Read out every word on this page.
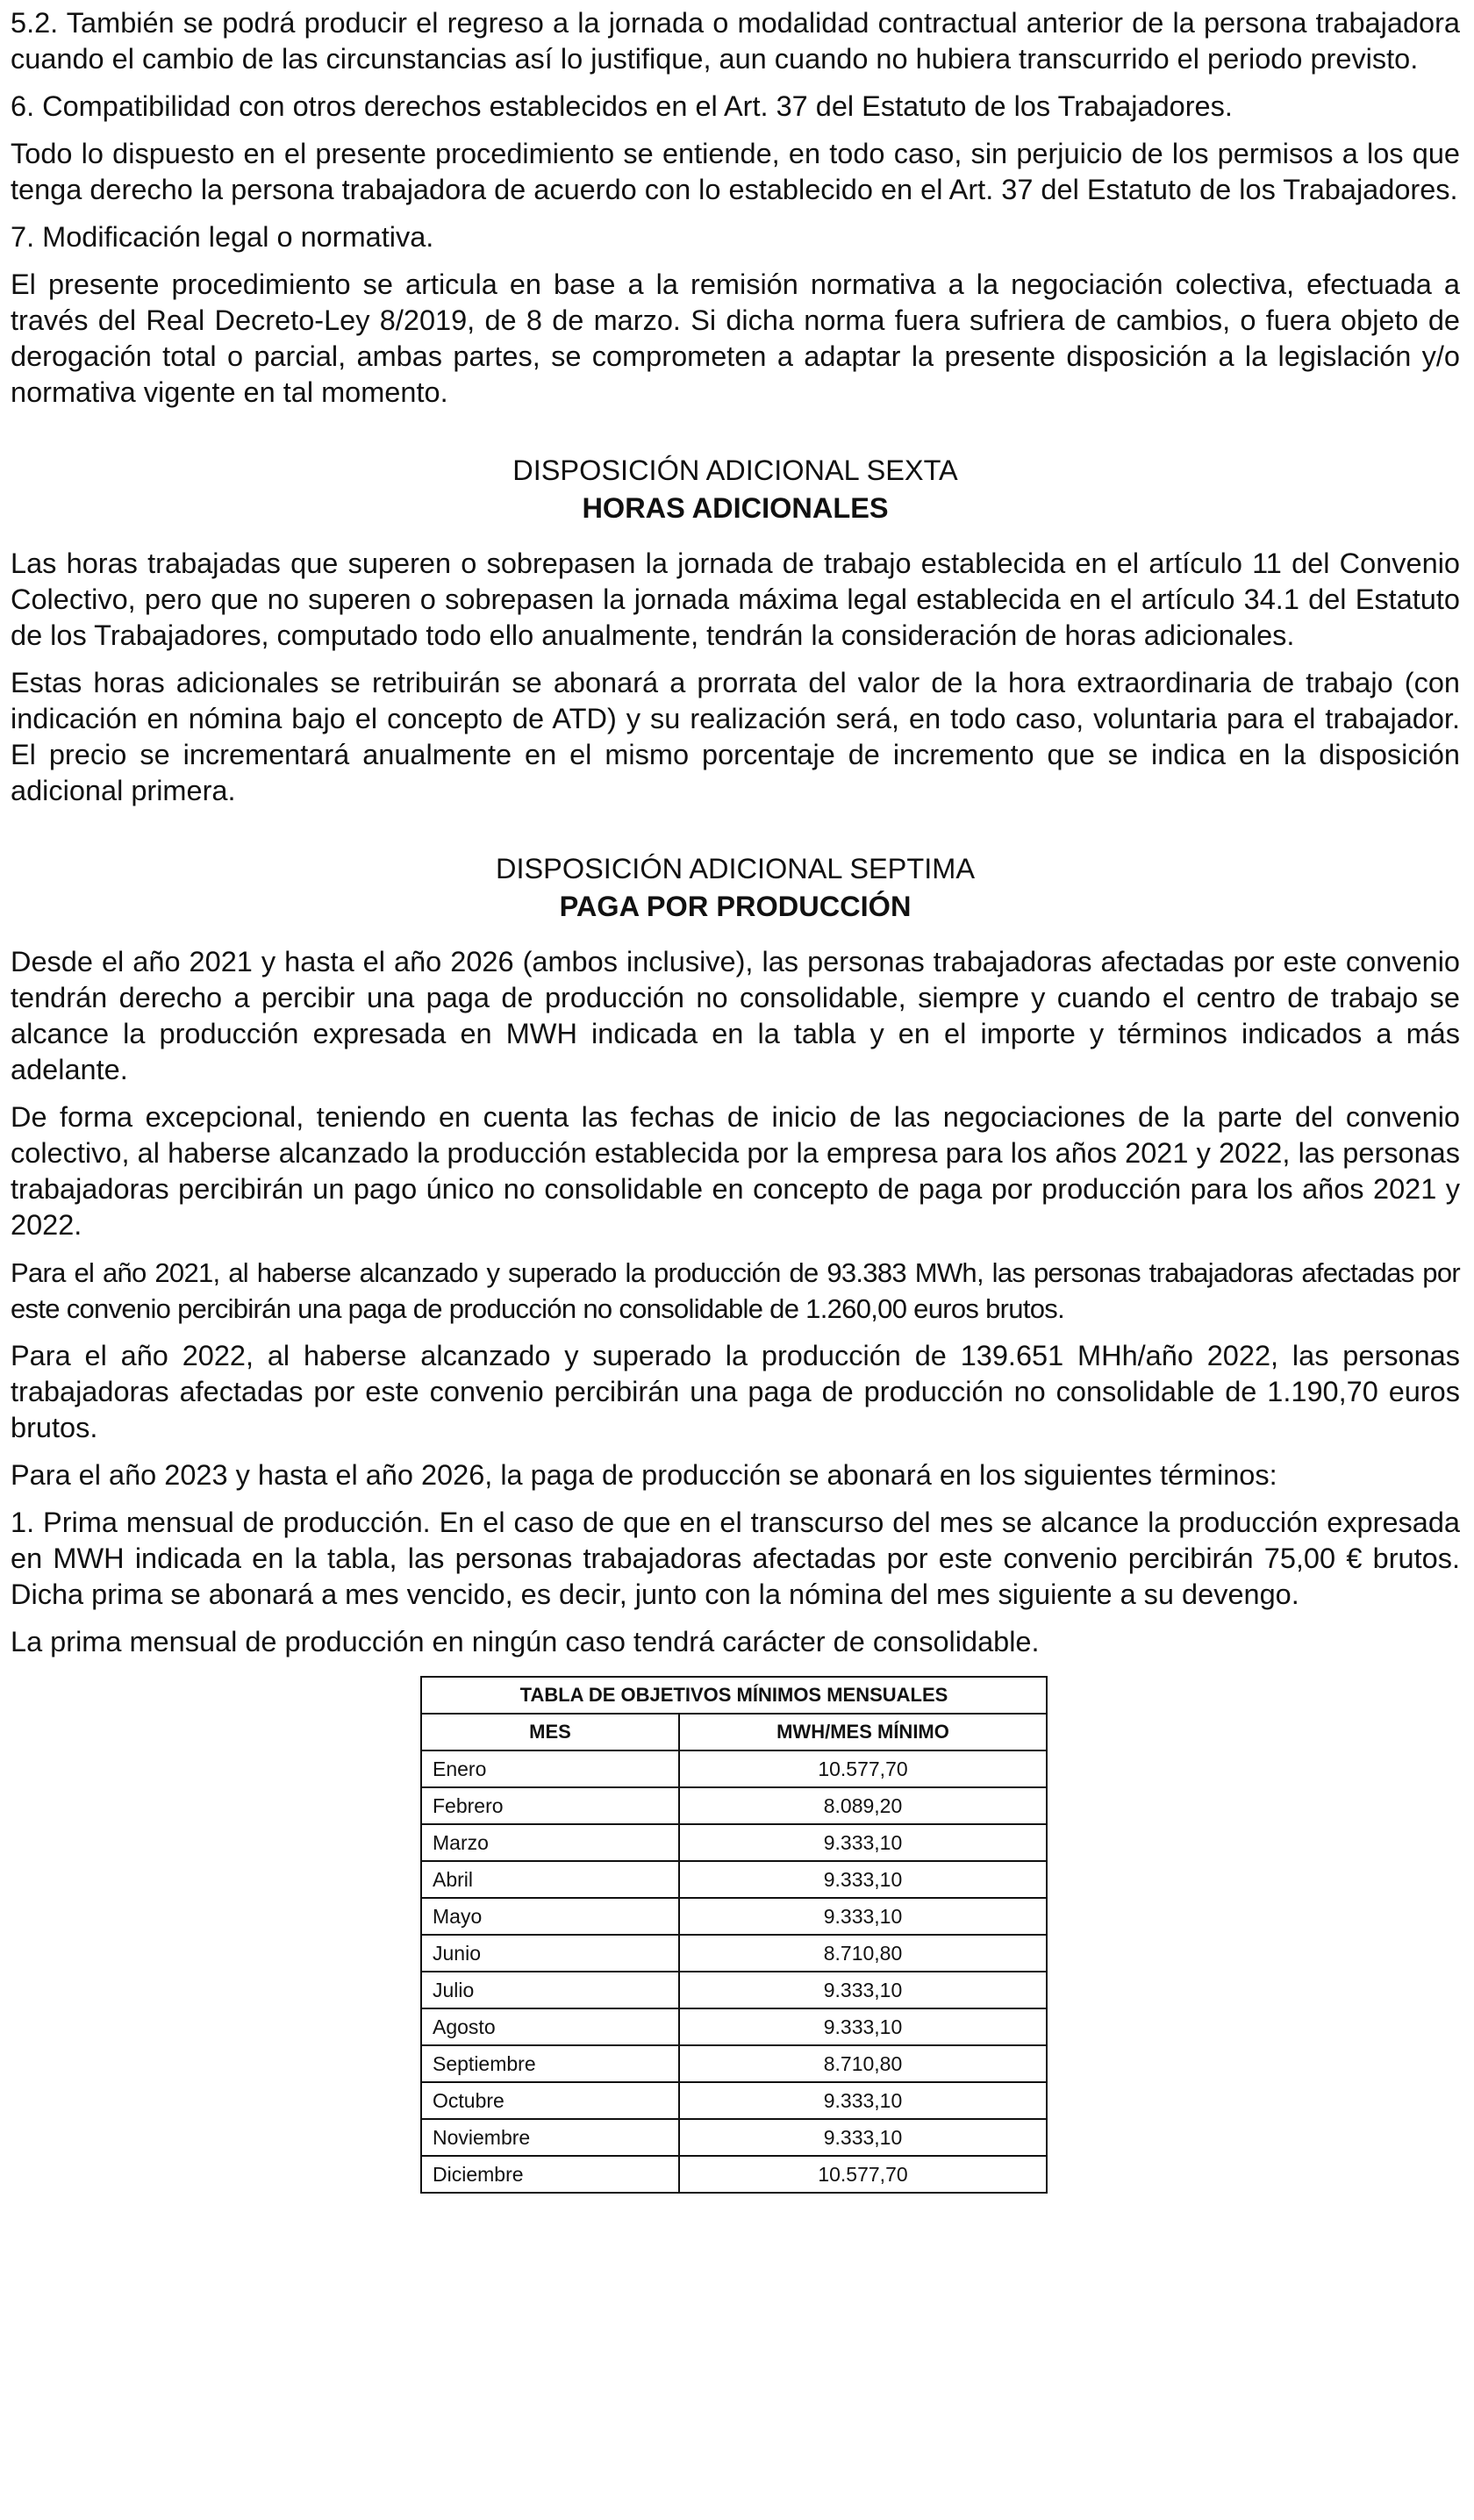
5.2. También se podrá producir el regreso a la jornada o modalidad contractual anterior de la persona trabajadora cuando el cambio de las circunstancias así lo justifique, aun cuando no hubiera transcurrido el periodo previsto.

6. Compatibilidad con otros derechos establecidos en el Art. 37 del Estatuto de los Trabajadores.

Todo lo dispuesto en el presente procedimiento se entiende, en todo caso, sin perjuicio de los permisos a los que tenga derecho la persona trabajadora de acuerdo con lo establecido en el Art. 37 del Estatuto de los Trabajadores.

7. Modificación legal o normativa.

El presente procedimiento se articula en base a la remisión normativa a la negociación colectiva, efectuada a través del Real Decreto-Ley 8/2019, de 8 de marzo. Si dicha norma fuera sufriera de cambios, o fuera objeto de derogación total o parcial, ambas partes, se comprometen a adaptar la presente disposición a la legislación y/o normativa vigente en tal momento.

DISPOSICIÓN ADICIONAL SEXTA
HORAS ADICIONALES

Las horas trabajadas que superen o sobrepasen la jornada de trabajo establecida en el artículo 11 del Convenio Colectivo, pero que no superen o sobrepasen la jornada máxima legal establecida en el artículo 34.1 del Estatuto de los Trabajadores, computado todo ello anualmente, tendrán la consideración de horas adicionales.

Estas horas adicionales se retribuirán se abonará a prorrata del valor de la hora extraordinaria de trabajo (con indicación en nómina bajo el concepto de ATD) y su realización será, en todo caso, voluntaria para el trabajador. El precio se incrementará anualmente en el mismo porcentaje de incremento que se indica en la disposición adicional primera.

DISPOSICIÓN ADICIONAL SEPTIMA
PAGA POR PRODUCCIÓN

Desde el año 2021 y hasta el año 2026 (ambos inclusive), las personas trabajadoras afectadas por este convenio tendrán derecho a percibir una paga de producción no consolidable, siempre y cuando el centro de trabajo se alcance la producción expresada en MWH indicada en la tabla y en el importe y términos indicados a más adelante.

De forma excepcional, teniendo en cuenta las fechas de inicio de las negociaciones de la parte del convenio colectivo, al haberse alcanzado la producción establecida por la empresa para los años 2021 y 2022, las personas trabajadoras percibirán un pago único no consolidable en concepto de paga por producción para los años 2021 y 2022.

Para el año 2021, al haberse alcanzado y superado la producción de 93.383 MWh, las personas trabajadoras afectadas por este convenio percibirán una paga de producción no consolidable de 1.260,00 euros brutos.

Para el año 2022, al haberse alcanzado y superado la producción de 139.651 MHh/año 2022, las personas trabajadoras afectadas por este convenio percibirán una paga de producción no consolidable de 1.190,70 euros brutos.

Para el año 2023 y hasta el año 2026, la paga de producción se abonará en los siguientes términos:

1. Prima mensual de producción. En el caso de que en el transcurso del mes se alcance la producción expresada en MWH indicada en la tabla, las personas trabajadoras afectadas por este convenio percibirán 75,00 € brutos. Dicha prima se abonará a mes vencido, es decir, junto con la nómina del mes siguiente a su devengo.

La prima mensual de producción en ningún caso tendrá carácter de consolidable.

TABLA DE OBJETIVOS MÍNIMOS MENSUALES	
MES	MWH/MES MÍNIMO
Enero	10.577,70
Febrero	8.089,20
Marzo	9.333,10
Abril	9.333,10
Mayo	9.333,10
Junio	8.710,80
Julio	9.333,10
Agosto	9.333,10
Septiembre	8.710,80
Octubre	9.333,10
Noviembre	9.333,10
Diciembre	10.577,70
